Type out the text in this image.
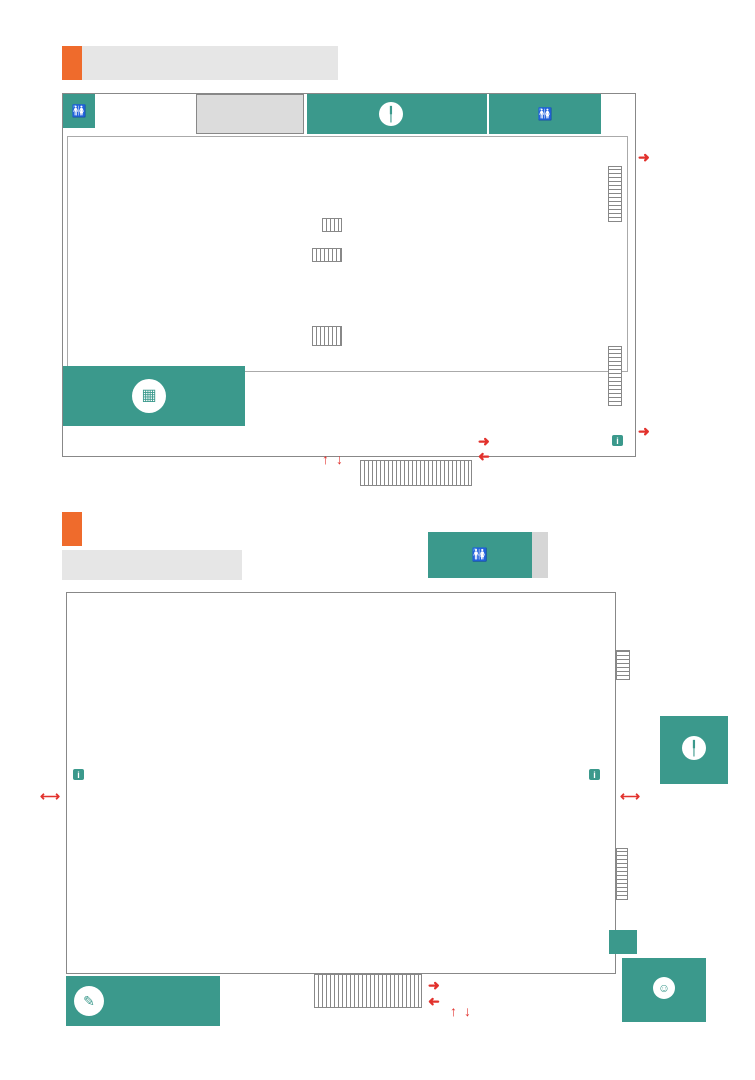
🚻	╿	🚻
▦
➜
➜
i
➜
➜
↑ ↓
🚻
╿
⟷	⟷
i	i
✎
☺
➜
➜
↑ ↓
